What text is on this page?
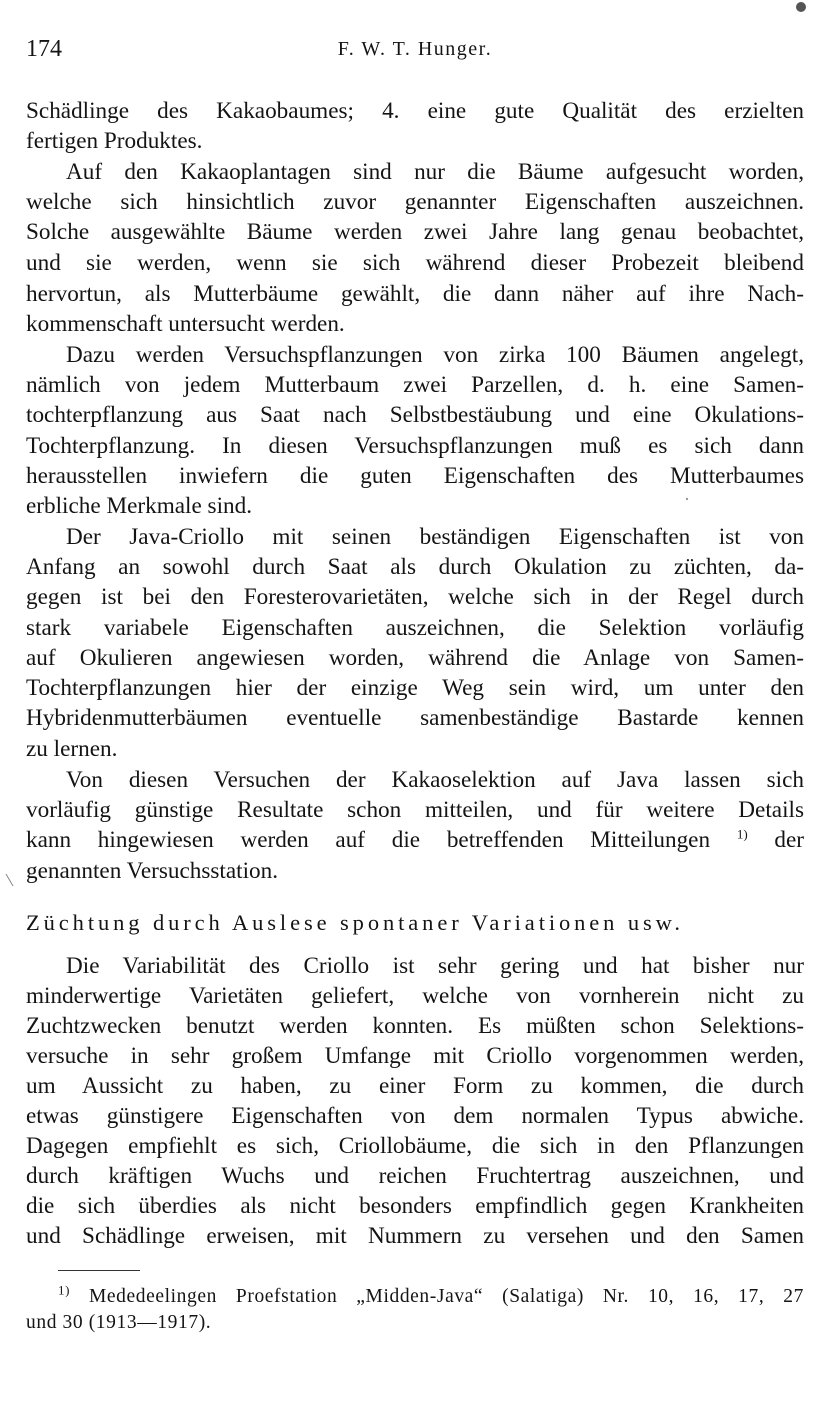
174	F. W. T. Hunger.
Schädlinge des Kakaobaumes; 4. eine gute Qualität des erzielten
fertigen Produktes.
Auf den Kakaoplantagen sind nur die Bäume aufgesucht worden,
welche sich hinsichtlich zuvor genannter Eigenschaften auszeichnen.
Solche ausgewählte Bäume werden zwei Jahre lang genau beobachtet,
und sie werden, wenn sie sich während dieser Probezeit bleibend
hervortun, als Mutterbäume gewählt, die dann näher auf ihre Nach-
kommenschaft untersucht werden.
Dazu werden Versuchspflanzungen von zirka 100 Bäumen angelegt,
nämlich von jedem Mutterbaum zwei Parzellen, d. h. eine Samen-
tochterpflanzung aus Saat nach Selbstbestäubung und eine Okulations-
Tochterpflanzung. In diesen Versuchspflanzungen muß es sich dann
herausstellen inwiefern die guten Eigenschaften des Mutterbaumes
erbliche Merkmale sind.
Der Java-Criollo mit seinen beständigen Eigenschaften ist von
Anfang an sowohl durch Saat als durch Okulation zu züchten, da-
gegen ist bei den Foresterovarietäten, welche sich in der Regel durch
stark variabele Eigenschaften auszeichnen, die Selektion vorläufig
auf Okulieren angewiesen worden, während die Anlage von Samen-
Tochterpflanzungen hier der einzige Weg sein wird, um unter den
Hybridenmutterbäumen eventuelle samenbeständige Bastarde kennen
zu lernen.
Von diesen Versuchen der Kakaoselektion auf Java lassen sich
vorläufig günstige Resultate schon mitteilen, und für weitere Details
kann hingewiesen werden auf die betreffenden Mitteilungen $^{1)}$ der
genannten Versuchsstation.
Züchtung durch Auslese spontaner Variationen usw.
Die Variabilität des Criollo ist sehr gering und hat bisher nur
minderwertige Varietäten geliefert, welche von vornherein nicht zu
Zuchtzwecken benutzt werden konnten. Es müßten schon Selektions-
versuche in sehr großem Umfange mit Criollo vorgenommen werden,
um Aussicht zu haben, zu einer Form zu kommen, die durch
etwas günstigere Eigenschaften von dem normalen Typus abwiche.
Dagegen empfiehlt es sich, Criollobäume, die sich in den Pflanzungen
durch kräftigen Wuchs und reichen Fruchtertrag auszeichnen, und
die sich überdies als nicht besonders empfindlich gegen Krankheiten
und Schädlinge erweisen, mit Nummern zu versehen und den Samen
$^{1)}$ Mededeelingen Proefstation „Midden-Java“ (Salatiga) Nr. 10, 16, 17, 27
und 30 (1913—1917).
